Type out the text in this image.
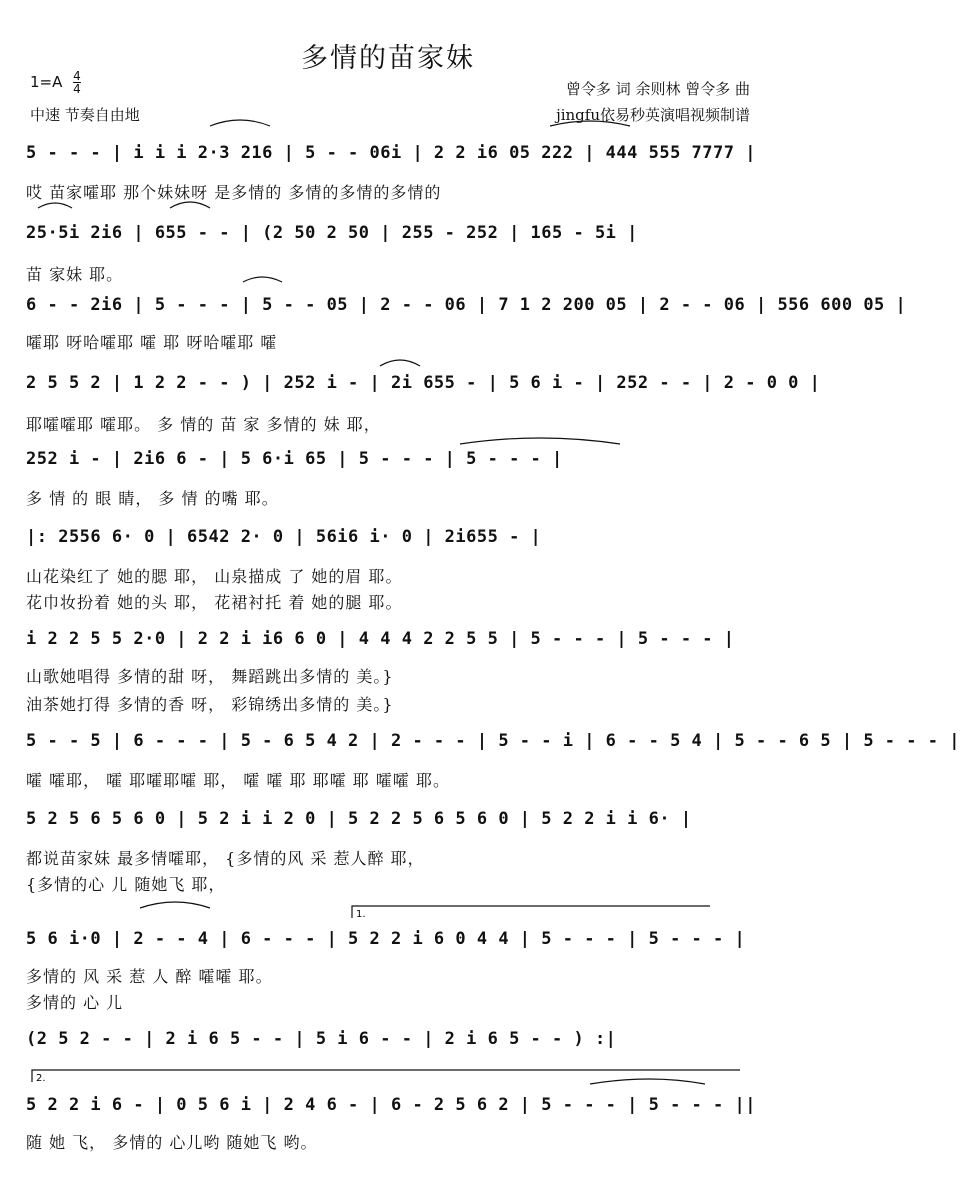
多情的苗家妹
$1=A \frac{4}{4}$
中速 节奏自由地
曾令多 词 余则林 曾令多 曲
jingfu依易秒英演唱视频制谱
5 - - - | i i i 2·3 216 | 5 - - 06i | 2 2 i6 05 222 | 444 555 7777 |
哎 苗家嚯耶 那个妹妹呀 是多情的 多情的多情的多情的
25·5i 2i6 | 655 - - | (2 50 2 50 | 255 - 252 | 165 - 5i |
苗 家妹 耶。
6 - - 2i6 | 5 - - - | 5 - - 05 | 2 - - 06 | 7 1 2 200 05 | 2 - - 06 | 556 600 05 |
嚯耶 呀哈嚯耶 嚯 耶 呀哈嚯耶 嚯
2 5 5 2 | 1 2 2 - - ) | 252 i - | 2i 655 - | 5 6 i - | 252 - - | 2 - 0 0 |
耶嚯嚯耶 嚯耶。 多 情的 苗 家 多情的 妹 耶，
252 i - | 2i6 6 - | 5 6·i 65 | 5 - - - | 5 - - - |
多 情 的 眼 睛， 多 情 的嘴 耶。
|: 2556 6· 0 | 6542 2· 0 | 56i6 i· 0 | 2i655 - |
山花染红了 她的腮 耶， 山泉描成 了 她的眉 耶。
花巾妆扮着 她的头 耶， 花裙衬托 着 她的腿 耶。
i 2 2 5 5 2·0 | 2 2 i i6 6 0 | 4 4 4 2 2 5 5 | 5 - - - | 5 - - - |
山歌她唱得 多情的甜 呀， 舞蹈跳出多情的 美。}
油茶她打得 多情的香 呀， 彩锦绣出多情的 美。}
5 - - 5 | 6 - - - | 5 - 6 5 4 2 | 2 - - - | 5 - - i | 6 - - 5 4 | 5 - - 6 5 | 5 - - - |
嚯 嚯耶， 嚯 耶嚯耶嚯 耶， 嚯 嚯 耶 耶嚯 耶 嚯嚯 耶。
5 2 5 6 5 6 0 | 5 2 i i 2 0 | 5 2 2 5 6 5 6 0 | 5 2 2 i i 6· |
都说苗家妹 最多情嚯耶， {多情的风 采 惹人醉 耶，
{多情的心 儿 随她飞 耶，
5 6 i·0 | 2 - - 4 | 6 - - - | 5 2 2 i 6 0 4 4 | 5 - - - | 5 - - - |
多情的 风 采 惹 人 醉 嚯嚯 耶。
多情的 心 儿
(2 5 2 - - | 2 i 6 5 - - | 5 i 6 - - | 2 i 6 5 - - ) :|
5 2 2 i 6 - | 0 5 6 i | 2 4 6 - | 6 - 2 5 6 2 | 5 - - - | 5 - - - ||
随 她 飞， 多情的 心儿哟 随她飞 哟。
1.
2.
